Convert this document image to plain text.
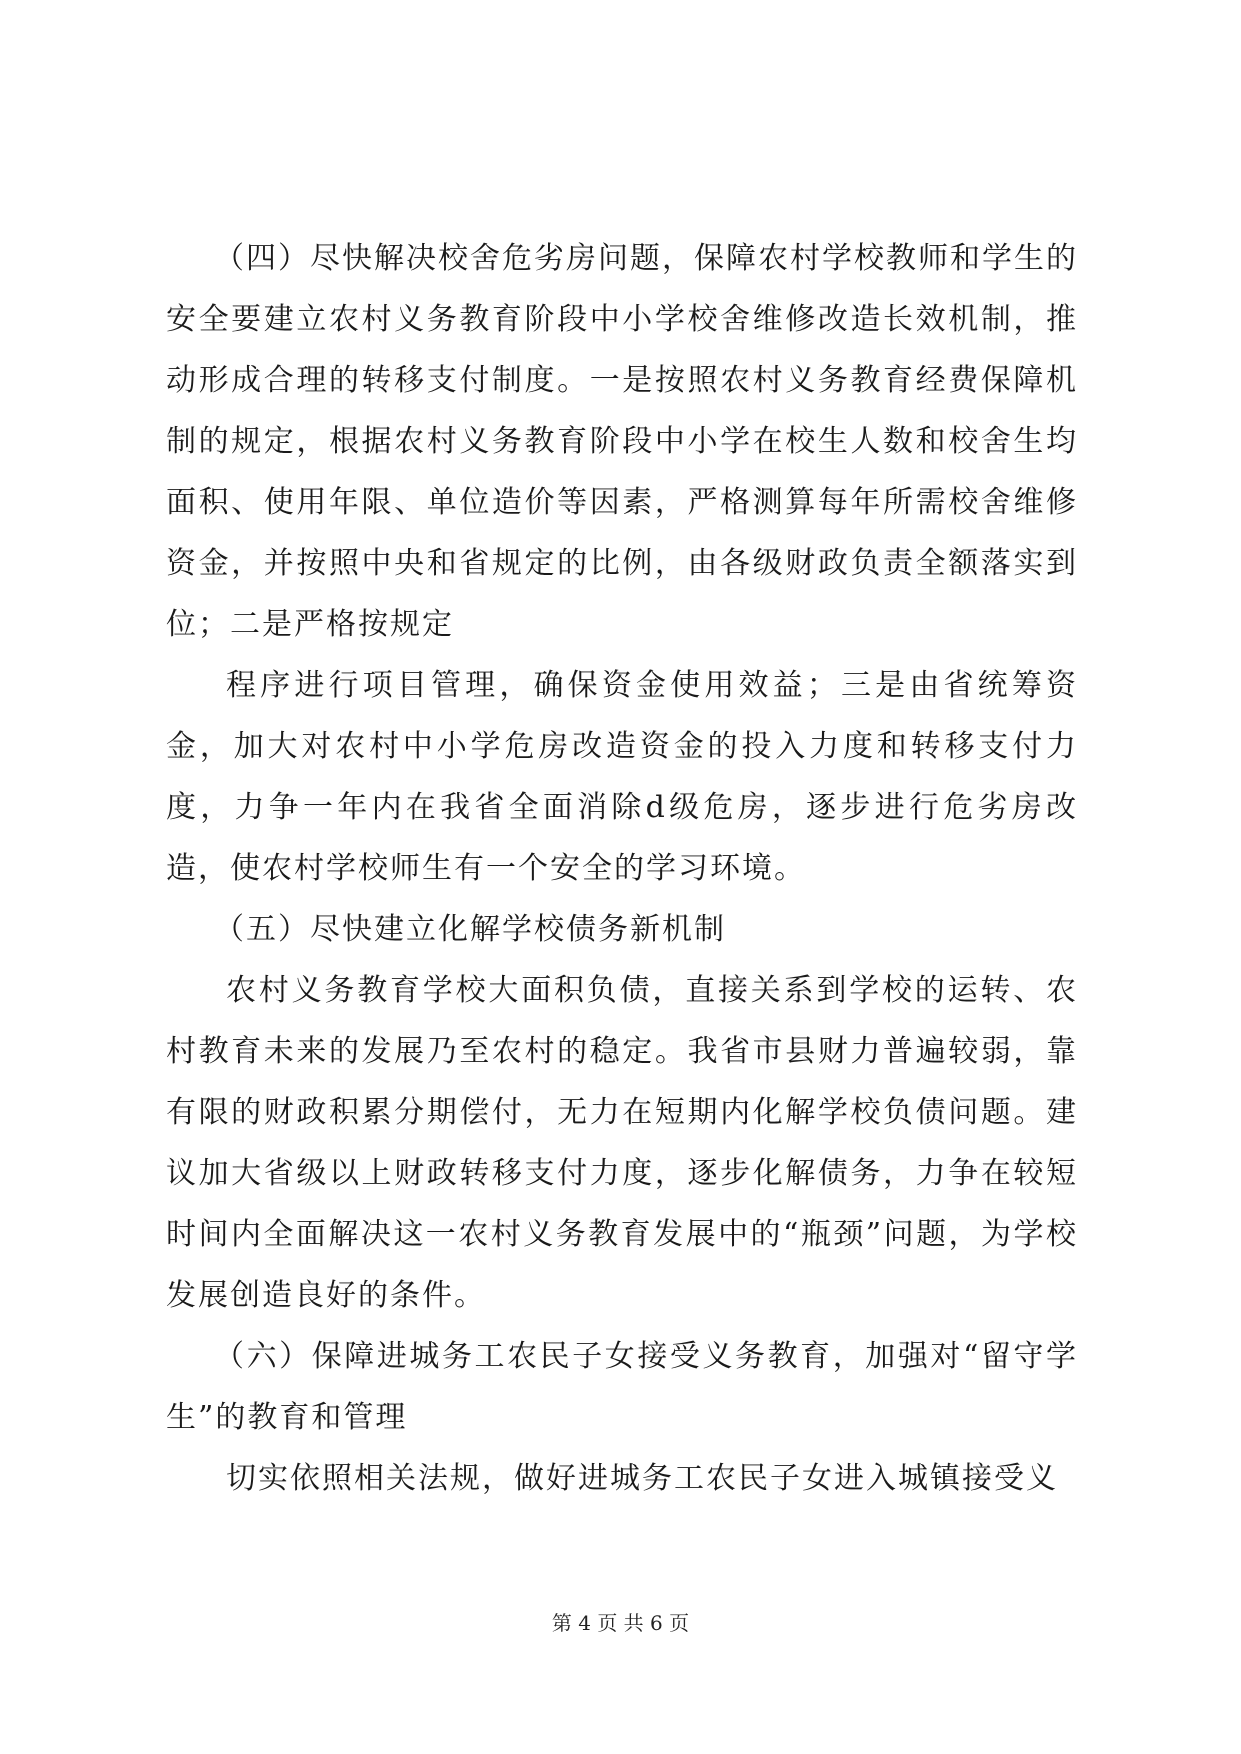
（四）尽快解决校舍危劣房问题，保障农村学校教师和学生的安全要建立农村义务教育阶段中小学校舍维修改造长效机制，推动形成合理的转移支付制度。一是按照农村义务教育经费保障机制的规定，根据农村义务教育阶段中小学在校生人数和校舍生均面积、使用年限、单位造价等因素，严格测算每年所需校舍维修资金，并按照中央和省规定的比例，由各级财政负责全额落实到位；二是严格按规定

程序进行项目管理，确保资金使用效益；三是由省统筹资金，加大对农村中小学危房改造资金的投入力度和转移支付力度，力争一年内在我省全面消除d级危房，逐步进行危劣房改造，使农村学校师生有一个安全的学习环境。

（五）尽快建立化解学校债务新机制

农村义务教育学校大面积负债，直接关系到学校的运转、农村教育未来的发展乃至农村的稳定。我省市县财力普遍较弱，靠有限的财政积累分期偿付，无力在短期内化解学校负债问题。建议加大省级以上财政转移支付力度，逐步化解债务，力争在较短时间内全面解决这一农村义务教育发展中的“瓶颈”问题，为学校发展创造良好的条件。

（六）保障进城务工农民子女接受义务教育，加强对“留守学生”的教育和管理

切实依照相关法规，做好进城务工农民子女进入城镇接受义

第 4 页 共 6 页
